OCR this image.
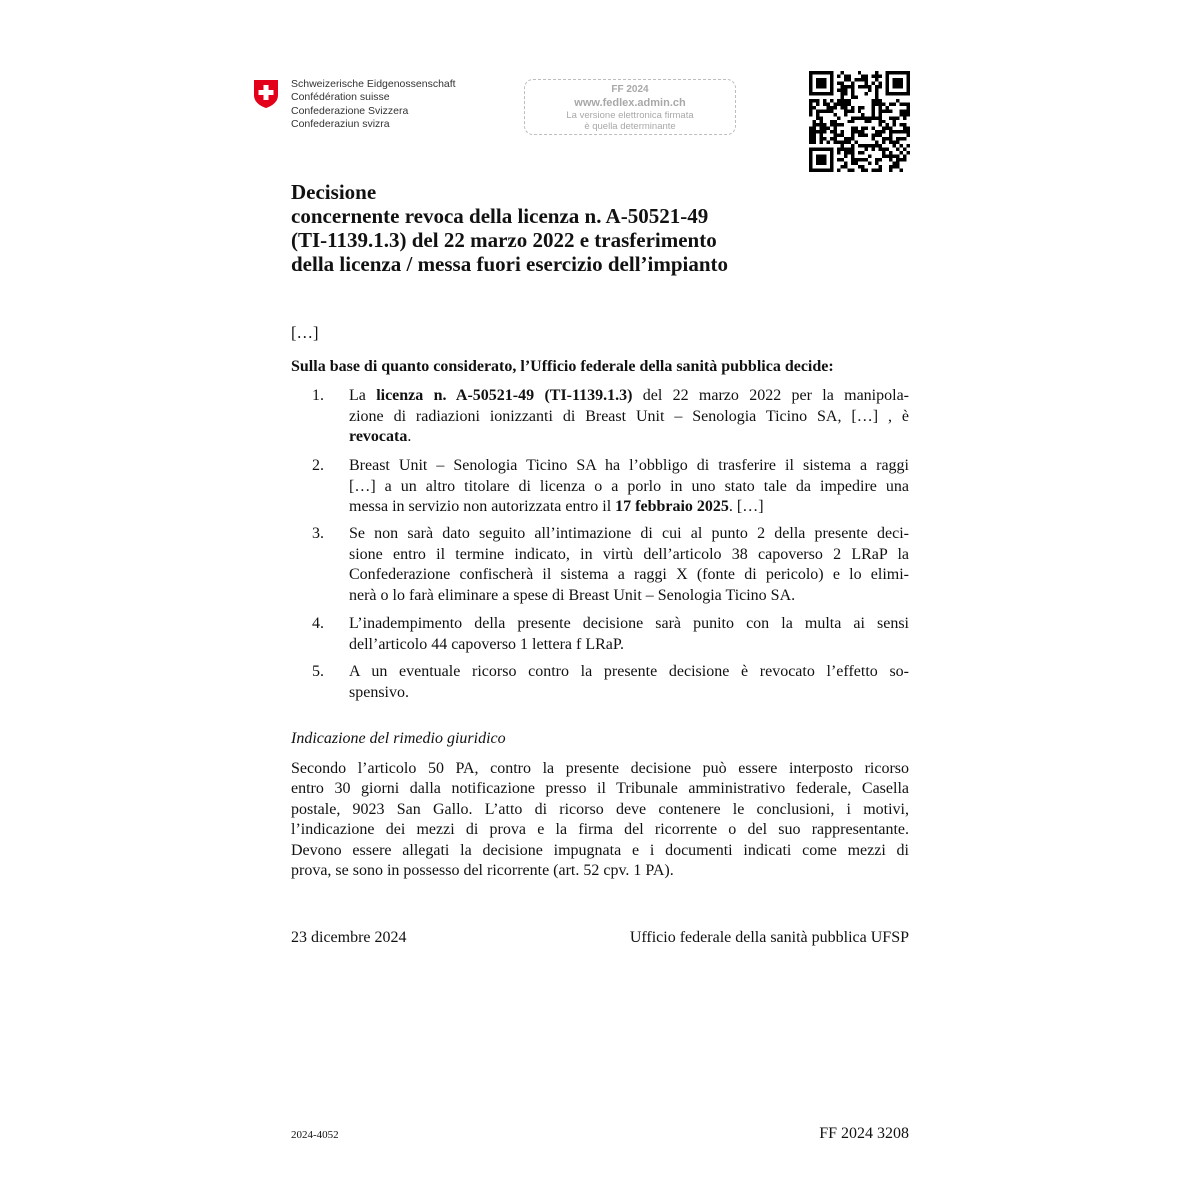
Schweizerische Eidgenossenschaft
Confédération suisse
Confederazione Svizzera
Confederaziun svizra
FF 2024
www.fedlex.admin.ch
La versione elettronica firmata
è quella determinante
Decisione
concernente revoca della licenza n. A-50521-49
(TI-1139.1.3) del 22 marzo 2022 e trasferimento
della licenza / messa fuori esercizio dell’impianto
[…]
Sulla base di quanto considerato, l’Ufficio federale della sanità pubblica decide:
1. La licenza n. A-50521-49 (TI-1139.1.3) del 22 marzo 2022 per la manipola-
zione di radiazioni ionizzanti di Breast Unit – Senologia Ticino SA, […] , è
revocata.
2. Breast Unit – Senologia Ticino SA ha l’obbligo di trasferire il sistema a raggi
[…] a un altro titolare di licenza o a porlo in uno stato tale da impedire una
messa in servizio non autorizzata entro il 17 febbraio 2025. […]
3. Se non sarà dato seguito all’intimazione di cui al punto 2 della presente deci-
sione entro il termine indicato, in virtù dell’articolo 38 capoverso 2 LRaP la
Confederazione confischerà il sistema a raggi X (fonte di pericolo) e lo elimi-
nerà o lo farà eliminare a spese di Breast Unit – Senologia Ticino SA.
4. L’inadempimento della presente decisione sarà punito con la multa ai sensi
dell’articolo 44 capoverso 1 lettera f LRaP.
5. A un eventuale ricorso contro la presente decisione è revocato l’effetto so-
spensivo.
Indicazione del rimedio giuridico
Secondo l’articolo 50 PA, contro la presente decisione può essere interposto ricorso
entro 30 giorni dalla notificazione presso il Tribunale amministrativo federale, Casella
postale, 9023 San Gallo. L’atto di ricorso deve contenere le conclusioni, i motivi,
l’indicazione dei mezzi di prova e la firma del ricorrente o del suo rappresentante.
Devono essere allegati la decisione impugnata e i documenti indicati come mezzi di
prova, se sono in possesso del ricorrente (art. 52 cpv. 1 PA).
23 dicembre 2024	Ufficio federale della sanità pubblica UFSP
2024-4052	FF 2024 3208
